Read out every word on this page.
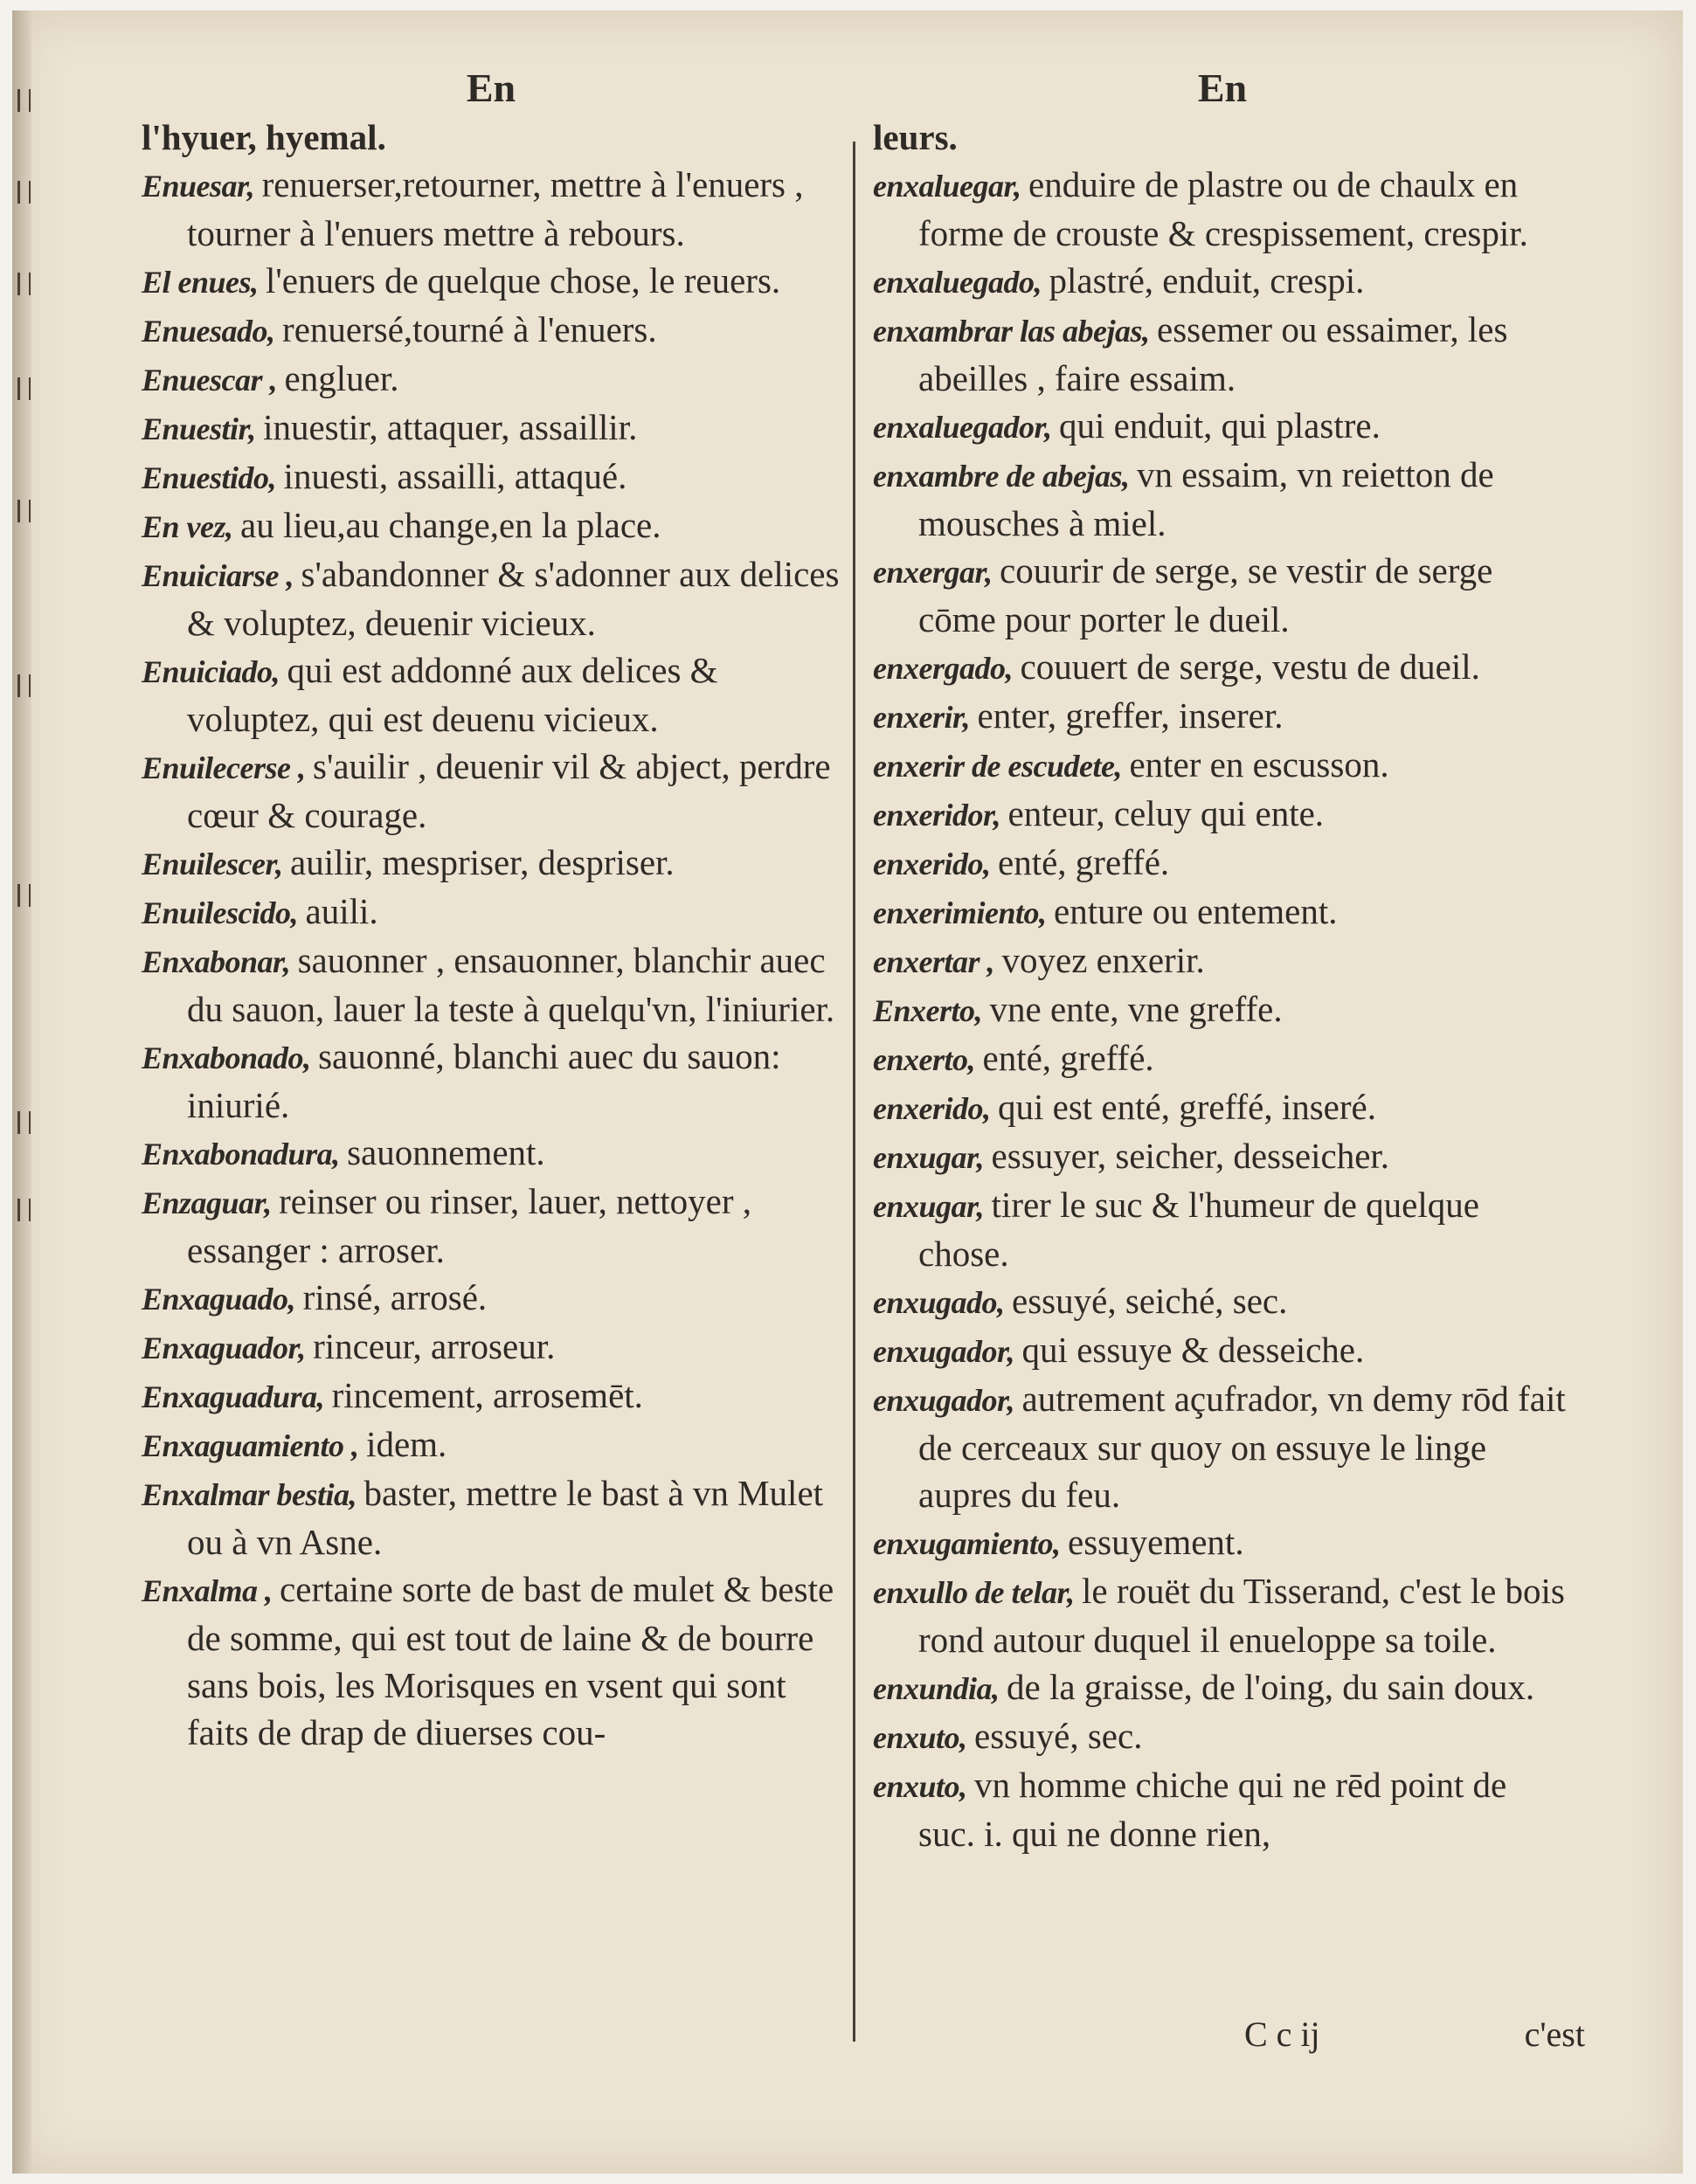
En

l'hyuer, hyemal.

Enuesar, renuerser,retourner, mettre à l'enuers , tourner à l'enuers mettre à rebours.

El enues, l'enuers de quelque chose, le reuers.

Enuesado, renuersé,tourné à l'enuers.

Enuescar , engluer.

Enuestir, inuestir, attaquer, assaillir.

Enuestido, inuesti, assailli, attaqué.

En vez, au lieu,au change,en la place.

Enuiciarse , s'abandonner & s'adonner aux delices & voluptez, deuenir vicieux.

Enuiciado, qui est addonné aux delices & voluptez, qui est deuenu vicieux.

Enuilecerse , s'auilir , deuenir vil & abject, perdre cœur & courage.

Enuilescer, auilir, mespriser, despriser.

Enuilescido, auili.

Enxabonar, sauonner , ensauonner, blanchir auec du sauon, lauer la teste à quelqu'vn, l'iniurier.

Enxabonado, sauonné, blanchi auec du sauon: iniurié.

Enxabonadura, sauonnement.

Enzaguar, reinser ou rinser, lauer, nettoyer , essanger : arroser.

Enxaguado, rinsé, arrosé.

Enxaguador, rinceur, arroseur.

Enxaguadura, rincement, arrosemēt.

Enxaguamiento , idem.

Enxalmar bestia, baster, mettre le bast à vn Mulet ou à vn Asne.

Enxalma , certaine sorte de bast de mulet & beste de somme, qui est tout de laine & de bourre sans bois, les Morisques en vsent qui sont faits de drap de diuerses cou-

En

leurs.

enxaluegar, enduire de plastre ou de chaulx en forme de crouste & crespissement, crespir.

enxaluegado, plastré, enduit, crespi.

enxambrar las abejas, essemer ou essaimer, les abeilles , faire essaim.

enxaluegador, qui enduit, qui plastre.

enxambre de abejas, vn essaim, vn reietton de mousches à miel.

enxergar, couurir de serge, se vestir de serge cōme pour porter le dueil.

enxergado, couuert de serge, vestu de dueil.

enxerir, enter, greffer, inserer.

enxerir de escudete, enter en escusson.

enxeridor, enteur, celuy qui ente.

enxerido, enté, greffé.

enxerimiento, enture ou entement.

enxertar , voyez enxerir.

Enxerto, vne ente, vne greffe.

enxerto, enté, greffé.

enxerido, qui est enté, greffé, inseré.

enxugar, essuyer, seicher, desseicher.

enxugar, tirer le suc & l'humeur de quelque chose.

enxugado, essuyé, seiché, sec.

enxugador, qui essuye & desseiche.

enxugador, autrement açufrador, vn demy rōd fait de cerceaux sur quoy on essuye le linge aupres du feu.

enxugamiento, essuyement.

enxullo de telar, le rouët du Tisserand, c'est le bois rond autour duquel il enueloppe sa toile.

enxundia, de la graisse, de l'oing, du sain doux.

enxuto, essuyé, sec.

enxuto, vn homme chiche qui ne rēd point de suc. i. qui ne donne rien,

C c ij	c'est
